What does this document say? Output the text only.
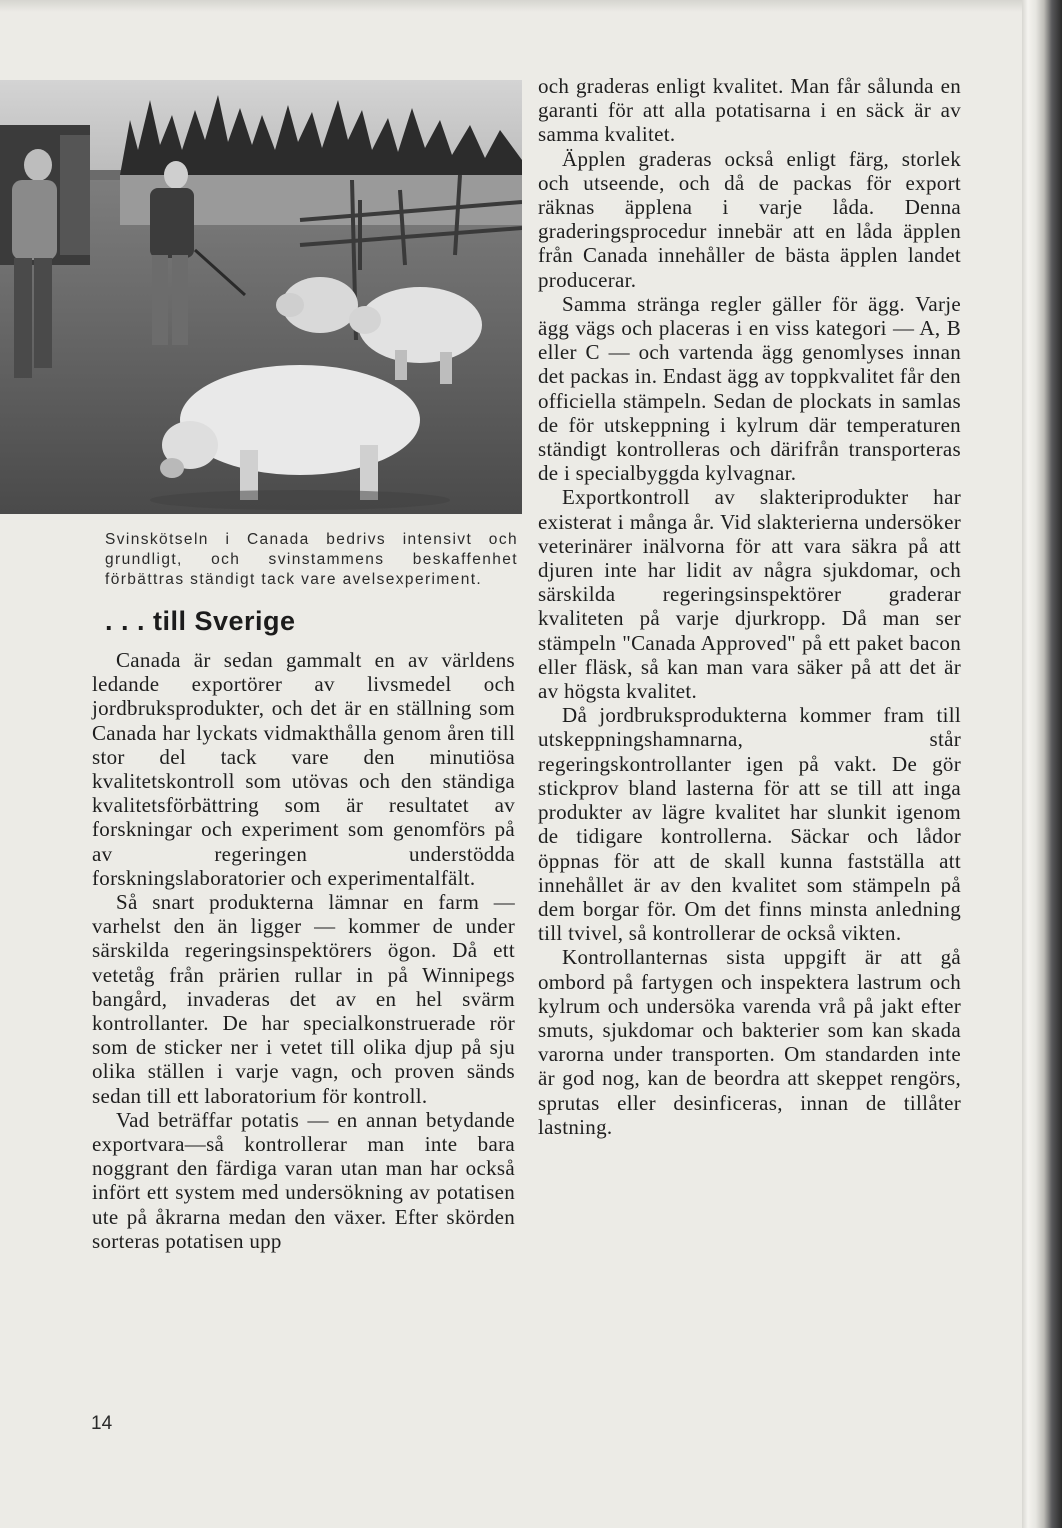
Svinskötseln i Canada bedrivs intensivt och grundligt, och svinstammens beskaffenhet förbättras ständigt tack vare avelsexperiment.
. . . till Sverige

Canada är sedan gammalt en av världens ledande exportörer av livsmedel och jordbruksprodukter, och det är en ställning som Canada har lyckats vidmakthålla genom åren till stor del tack vare den minutiösa kvalitetskontroll som utövas och den ständiga kvalitetsförbättring som är resultatet av forskningar och experiment som genomförs på av regeringen understödda forskningslaboratorier och experimentalfält.

Så snart produkterna lämnar en farm — varhelst den än ligger — kommer de under särskilda regeringsinspektörers ögon. Då ett vetetåg från prärien rullar in på Winnipegs bangård, invaderas det av en hel svärm kontrollanter. De har specialkonstruerade rör som de sticker ner i vetet till olika djup på sju olika ställen i varje vagn, och proven sänds sedan till ett laboratorium för kontroll.

Vad beträffar potatis — en annan betydande exportvara—så kontrollerar man inte bara noggrant den färdiga varan utan man har också infört ett system med undersökning av potatisen ute på åkrarna medan den växer. Efter skörden sorteras potatisen upp

och graderas enligt kvalitet. Man får sålunda en garanti för att alla potatisarna i en säck är av samma kvalitet.

Äpplen graderas också enligt färg, storlek och utseende, och då de packas för export räknas äpplena i varje låda. Denna graderingsprocedur innebär att en låda äpplen från Canada innehåller de bästa äpplen landet producerar.

Samma stränga regler gäller för ägg. Varje ägg vägs och placeras i en viss kategori — A, B eller C — och vartenda ägg genomlyses innan det packas in. Endast ägg av toppkvalitet får den officiella stämpeln. Sedan de plockats in samlas de för utskeppning i kylrum där temperaturen ständigt kontrolleras och därifrån transporteras de i specialbyggda kylvagnar.

Exportkontroll av slakteriprodukter har existerat i många år. Vid slakterierna undersöker veterinärer inälvorna för att vara säkra på att djuren inte har lidit av några sjukdomar, och särskilda regeringsinspektörer graderar kvaliteten på varje djurkropp. Då man ser stämpeln "Canada Approved" på ett paket bacon eller fläsk, så kan man vara säker på att det är av högsta kvalitet.

Då jordbruksprodukterna kommer fram till utskeppningshamnarna, står regeringskontrollanter igen på vakt. De gör stickprov bland lasterna för att se till att inga produkter av lägre kvalitet har slunkit igenom de tidigare kontrollerna. Säckar och lådor öppnas för att de skall kunna fastställa att innehållet är av den kvalitet som stämpeln på dem borgar för. Om det finns minsta anledning till tvivel, så kontrollerar de också vikten.

Kontrollanternas sista uppgift är att gå ombord på fartygen och inspektera lastrum och kylrum och undersöka varenda vrå på jakt efter smuts, sjukdomar och bakterier som kan skada varorna under transporten. Om standarden inte är god nog, kan de beordra att skeppet rengörs, sprutas eller desinficeras, innan de tillåter lastning.

14
